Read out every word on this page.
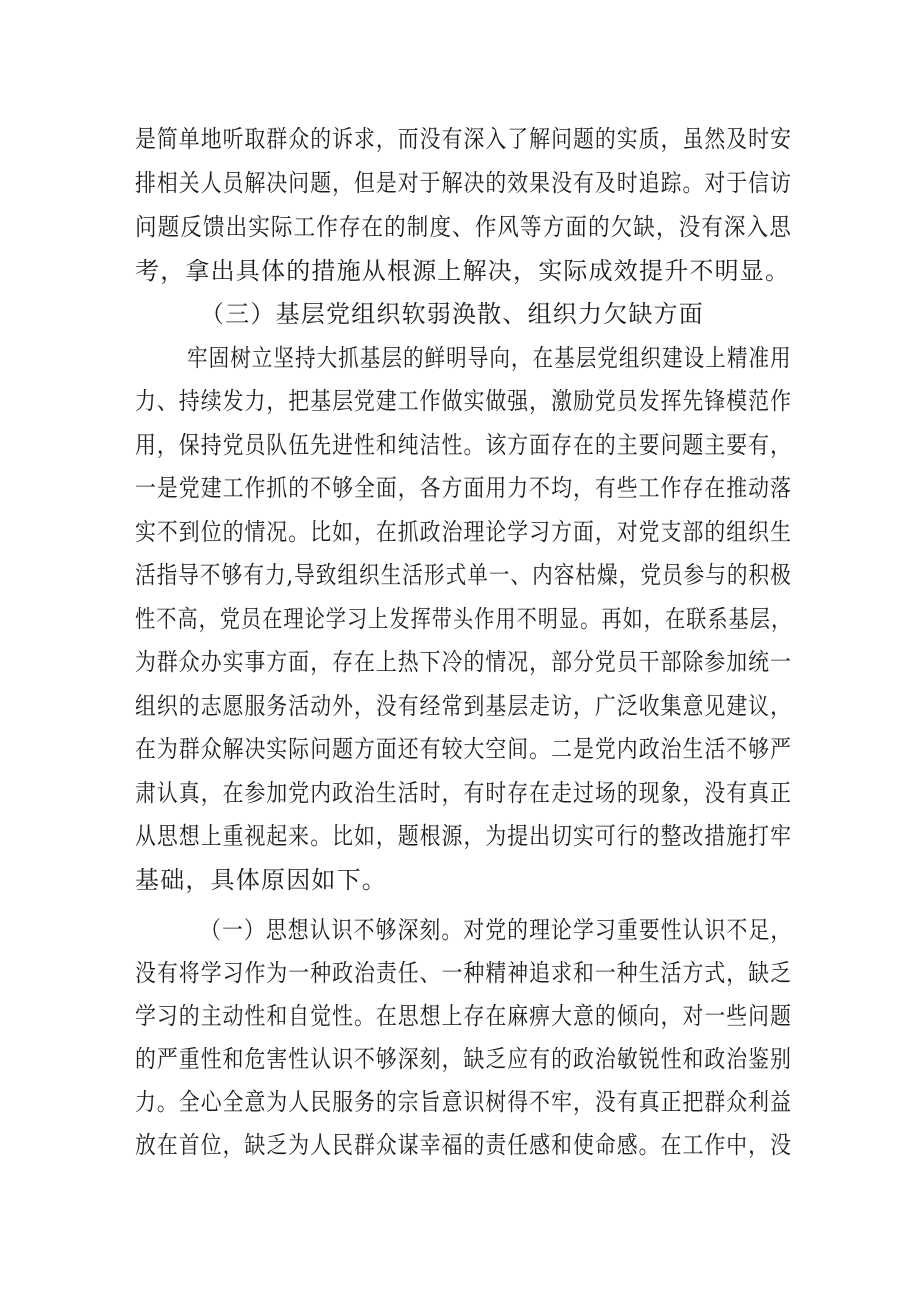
是简单地听取群众的诉求，而没有深入了解问题的实质，虽然及时安
排相关人员解决问题，但是对于解决的效果没有及时追踪。对于信访
问题反馈出实际工作存在的制度、作风等方面的欠缺，没有深入思
考，拿出具体的措施从根源上解决，实际成效提升不明显。
（三）基层党组织软弱涣散、组织力欠缺方面
牢固树立坚持大抓基层的鲜明导向，在基层党组织建设上精准用
力、持续发力，把基层党建工作做实做强，激励党员发挥先锋模范作
用，保持党员队伍先进性和纯洁性。该方面存在的主要问题主要有，
一是党建工作抓的不够全面，各方面用力不均，有些工作存在推动落
实不到位的情况。比如，在抓政治理论学习方面，对党支部的组织生
活指导不够有力,导致组织生活形式单一、内容枯燥，党员参与的积极
性不高，党员在理论学习上发挥带头作用不明显。再如，在联系基层，
为群众办实事方面，存在上热下冷的情况，部分党员干部除参加统一
组织的志愿服务活动外，没有经常到基层走访，广泛收集意见建议，
在为群众解决实际问题方面还有较大空间。二是党内政治生活不够严
肃认真，在参加党内政治生活时，有时存在走过场的现象，没有真正
从思想上重视起来。比如，题根源，为提出切实可行的整改措施打牢
基础，具体原因如下。
（一）思想认识不够深刻。对党的理论学习重要性认识不足，
没有将学习作为一种政治责任、一种精神追求和一种生活方式，缺乏
学习的主动性和自觉性。在思想上存在麻痹大意的倾向，对一些问题
的严重性和危害性认识不够深刻，缺乏应有的政治敏锐性和政治鉴别
力。全心全意为人民服务的宗旨意识树得不牢，没有真正把群众利益
放在首位，缺乏为人民群众谋幸福的责任感和使命感。在工作中，没
